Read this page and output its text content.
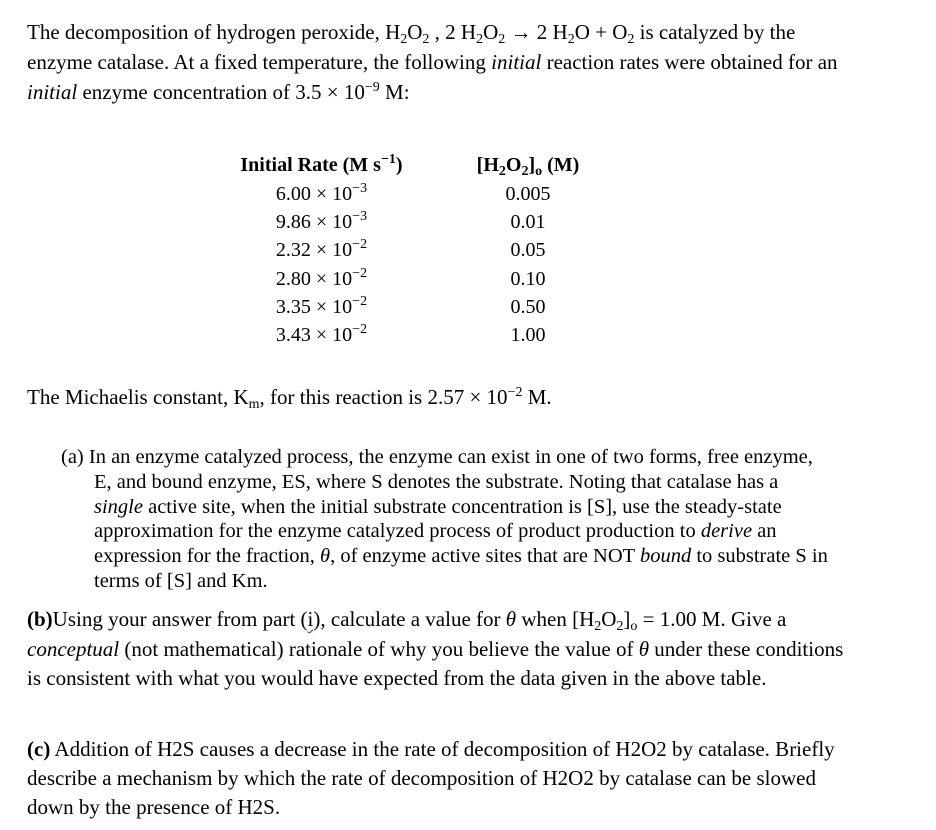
The decomposition of hydrogen peroxide, $H_2O_2$ , 2 $H_2O_2 \to 2$ $H_2O + O_2$ is catalyzed by the
enzyme catalase. At a fixed temperature, the following initial reaction rates were obtained for an
initial enzyme concentration of $3.5 \times 10^{-9}$ M:
Initial Rate (M $s^{-1}$)
$6.00 \times 10^{-3}$
$9.86 \times 10^{-3}$
$2.32 \times 10^{-2}$
$2.80 \times 10^{-2}$
$3.35 \times 10^{-2}$
$3.43 \times 10^{-2}$
$[H_2O_2]_o$ (M)
0.005
0.01
0.05
0.10
0.50
1.00
The Michaelis constant, $K_m$, for this reaction is $2.57 \times 10^{-2}$ M.
(a) In an enzyme catalyzed process, the enzyme can exist in one of two forms, free enzyme,
E, and bound enzyme, ES, where S denotes the substrate. Noting that catalase has a
single active site, when the initial substrate concentration is [S], use the steady-state
approximation for the enzyme catalyzed process of product production to derive an
expression for the fraction, θ, of enzyme active sites that are NOT bound to substrate S in
terms of [S] and Km.
(b)Using your answer from part (i), calculate a value for θ when $[H_2O_2]_o = 1.00$ M. Give a
conceptual (not mathematical) rationale of why you believe the value of θ under these conditions
is consistent with what you would have expected from the data given in the above table.
(c) Addition of H2S causes a decrease in the rate of decomposition of H2O2 by catalase. Briefly
describe a mechanism by which the rate of decomposition of H2O2 by catalase can be slowed
down by the presence of H2S.
